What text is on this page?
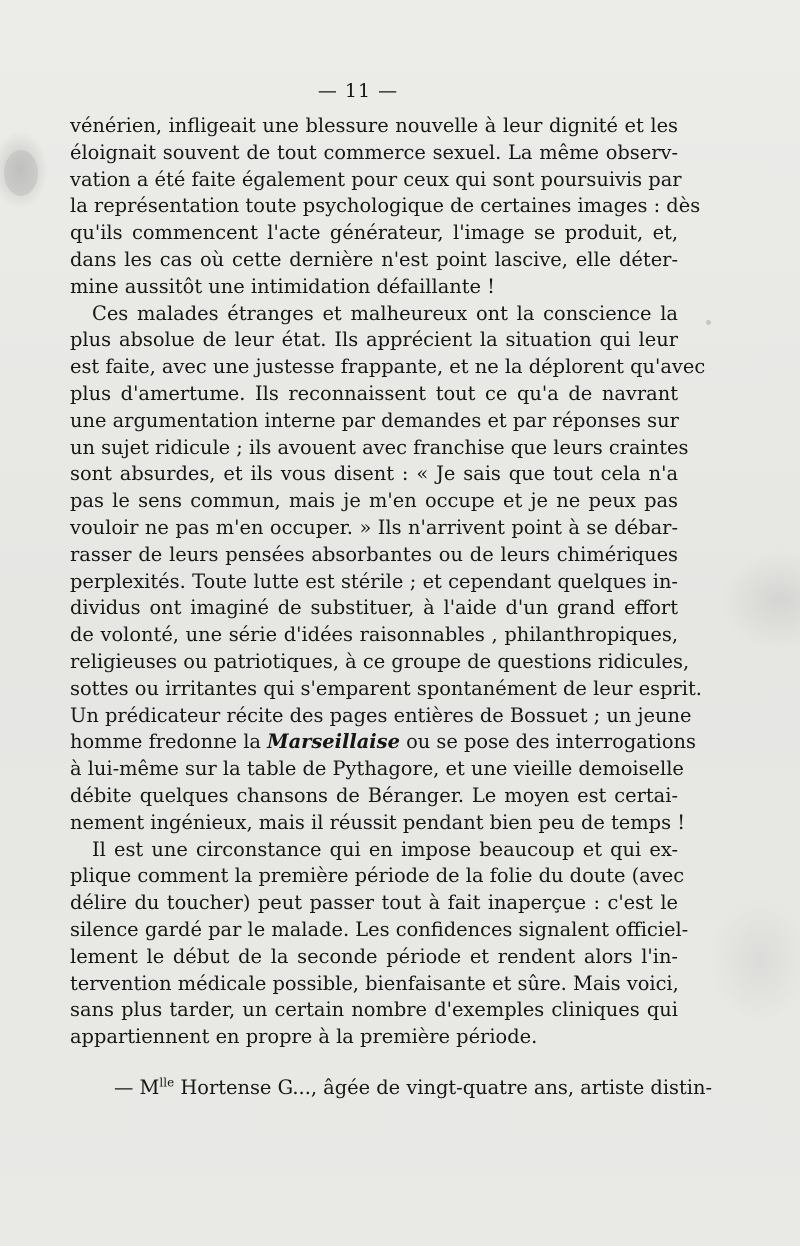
— 11 —
vénérien, infligeait une blessure nouvelle à leur dignité et les
éloignait souvent de tout commerce sexuel. La même observ-
vation a été faite également pour ceux qui sont poursuivis par
la représentation toute psychologique de certaines images : dès
qu'ils commencent l'acte générateur, l'image se produit, et,
dans les cas où cette dernière n'est point lascive, elle déter-
mine aussitôt une intimidation défaillante !
Ces malades étranges et malheureux ont la conscience la
plus absolue de leur état. Ils apprécient la situation qui leur
est faite, avec une justesse frappante, et ne la déplorent qu'avec
plus d'amertume. Ils reconnaissent tout ce qu'a de navrant
une argumentation interne par demandes et par réponses sur
un sujet ridicule ; ils avouent avec franchise que leurs craintes
sont absurdes, et ils vous disent : « Je sais que tout cela n'a
pas le sens commun, mais je m'en occupe et je ne peux pas
vouloir ne pas m'en occuper. » Ils n'arrivent point à se débar-
rasser de leurs pensées absorbantes ou de leurs chimériques
perplexités. Toute lutte est stérile ; et cependant quelques in-
dividus ont imaginé de substituer, à l'aide d'un grand effort
de volonté, une série d'idées raisonnables , philanthropiques,
religieuses ou patriotiques, à ce groupe de questions ridicules,
sottes ou irritantes qui s'emparent spontanément de leur esprit.
Un prédicateur récite des pages entières de Bossuet ; un jeune
homme fredonne la Marseillaise ou se pose des interrogations
à lui-même sur la table de Pythagore, et une vieille demoiselle
débite quelques chansons de Béranger. Le moyen est certai-
nement ingénieux, mais il réussit pendant bien peu de temps !
Il est une circonstance qui en impose beaucoup et qui ex-
plique comment la première période de la folie du doute (avec
délire du toucher) peut passer tout à fait inaperçue : c'est le
silence gardé par le malade. Les confidences signalent officiel-
lement le début de la seconde période et rendent alors l'in-
tervention médicale possible, bienfaisante et sûre. Mais voici,
sans plus tarder, un certain nombre d'exemples cliniques qui
appartiennent en propre à la première période.
— $M^{lle}$ Hortense G..., âgée de vingt-quatre ans, artiste distin-
